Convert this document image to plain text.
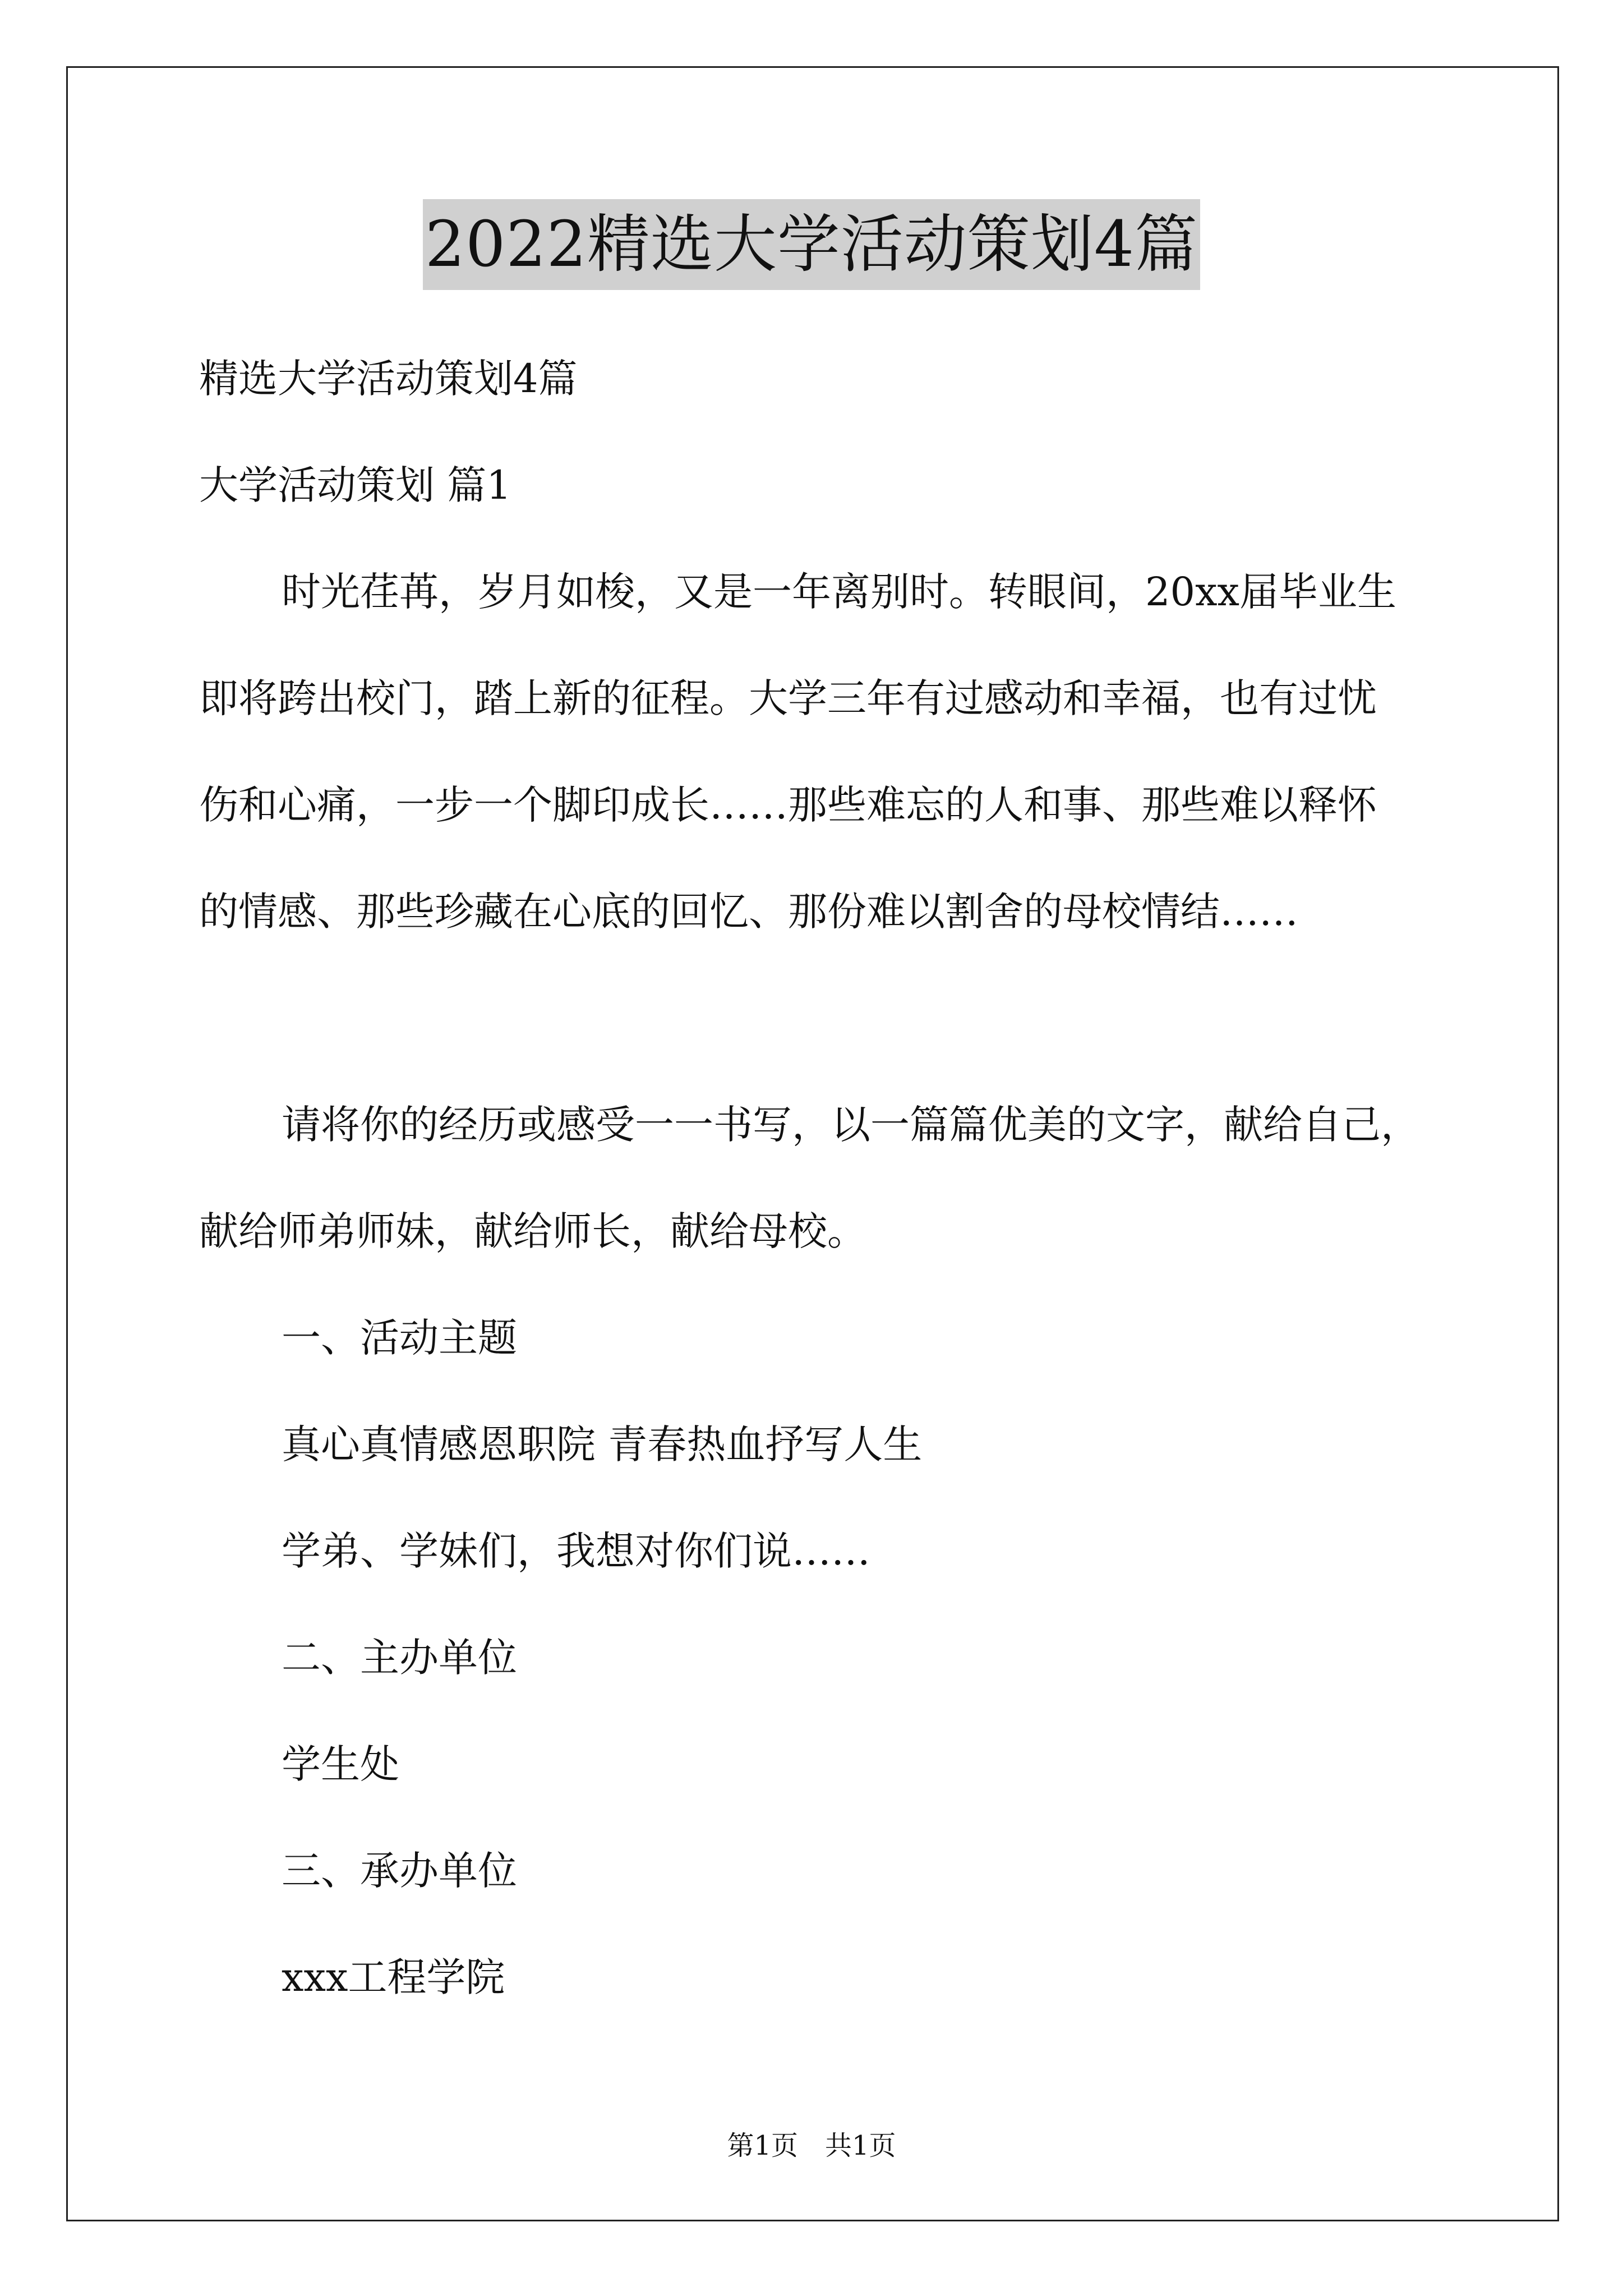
2022精选大学活动策划4篇
精选大学活动策划4篇
大学活动策划 篇1
时光荏苒，岁月如梭，又是一年离别时。转眼间，20xx届毕业生
即将跨出校门，踏上新的征程。大学三年有过感动和幸福，也有过忧
伤和心痛，一步一个脚印成长……那些难忘的人和事、那些难以释怀
的情感、那些珍藏在心底的回忆、那份难以割舍的母校情结……
请将你的经历或感受一一书写，以一篇篇优美的文字，献给自己，
献给师弟师妹，献给师长，献给母校。
一、活动主题
真心真情感恩职院 青春热血抒写人生
学弟、学妹们，我想对你们说……
二、主办单位
学生处
三、承办单位
xxx工程学院
第1页　共1页
